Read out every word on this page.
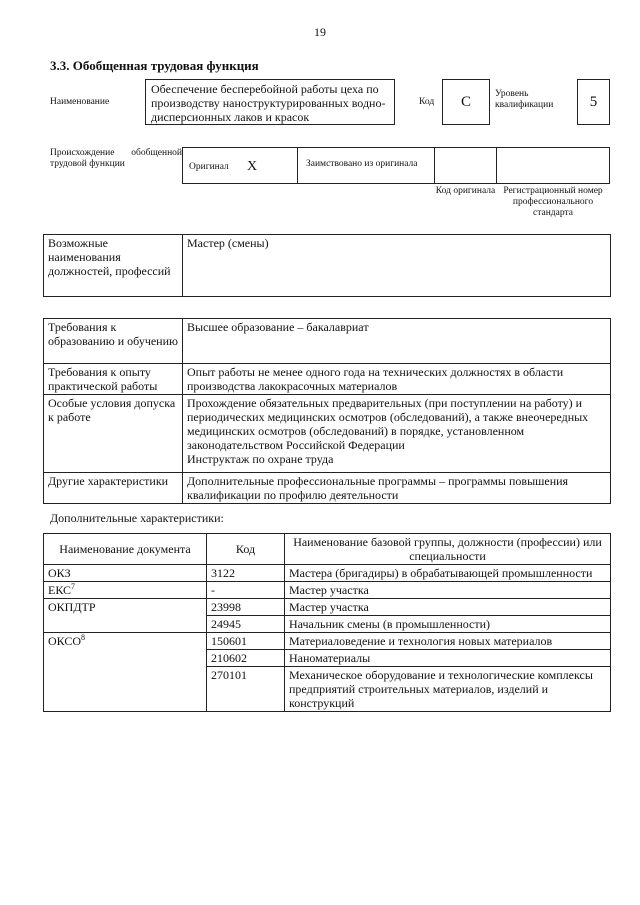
19
3.3. Обобщенная трудовая функция
Наименование
Обеспечение бесперебойной работы цеха по производству наноструктурированных водно-дисперсионных лаков и красок
Код	C	Уровень квалификации	5
Происхождение обобщенной трудовой функции	Оригинал X	Заимствовано из оригинала
Код оригинала Регистрационный номер профессионального стандарта
Возможные наименования должностей, профессий	Мастер (смены)
Требования к образованию и обучению	Высшее образование – бакалавриат
Требования к опыту практической работы	Опыт работы не менее одного года на технических должностях в области производства лакокрасочных материалов
Особые условия допуска к работе	Прохождение обязательных предварительных (при поступлении на работу) и периодических медицинских осмотров (обследований), а также внеочередных медицинских осмотров (обследований) в порядке, установленном законодательством Российской Федерации
Инструктаж по охране труда

Другие характеристики	Дополнительные профессиональные программы – программы повышения квалификации по профилю деятельности
Дополнительные характеристики:
Наименование документа	Код	Наименование базовой группы, должности (профессии) или специальности
ОКЗ	3122	Мастера (бригадиры) в обрабатывающей промышленности
ЕКС$^7$	-	Мастер участка
ОКПДТР	23998	Мастер участка
	24945	Начальник смены (в промышленности)
ОКСО$^8$	150601	Материаловедение и технология новых материалов
	210602	Наноматериалы
	270101	Механическое оборудование и технологические комплексы предприятий строительных материалов, изделий и конструкций
